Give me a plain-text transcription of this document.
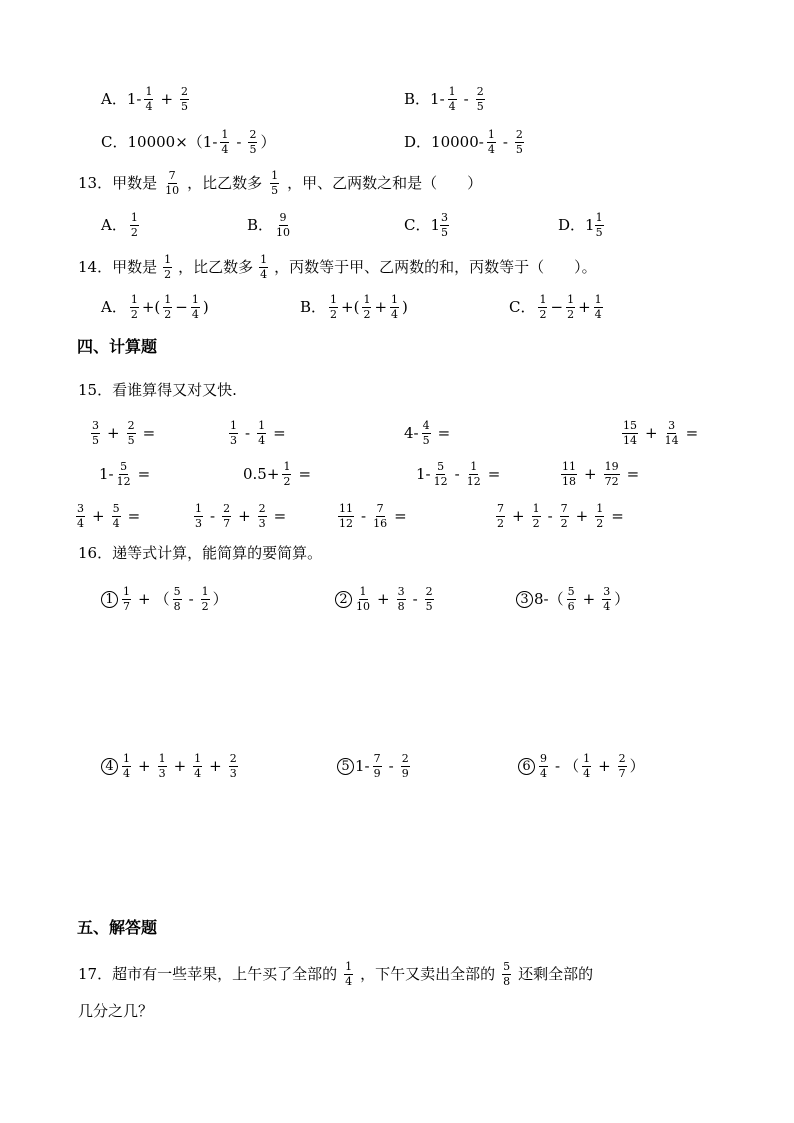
A． $1- \frac{1}{4} + \frac{2}{5}$	B． $1- \frac{1}{4} - \frac{2}{5}$
C． $10000\times(1- \frac{1}{4} - \frac{2}{5}$ ）	D． $10000- \frac{1}{4} - \frac{2}{5}$
13．甲数是 $\frac{7}{10}$ ，比乙数多 $\frac{1}{5}$ ，甲、乙两数之和是（　　）
A． $\frac{1}{2}$	B． $\frac{9}{10}$	C． $1 \frac{3}{5}$	D． $1 \frac{1}{5}$
14．甲数是 $\frac{1}{2}$ ，比乙数多 $\frac{1}{4}$ ，丙数等于甲、乙两数的和，丙数等于（　　）。
A． $\frac{1}{2}$ +( $\frac{1}{2} - \frac{1}{4}$ )	B． $\frac{1}{2}$ +( $\frac{1}{2} + \frac{1}{4}$ )	C． $\frac{1}{2} - \frac{1}{2} + \frac{1}{4}$
四、计算题
15．看谁算得又对又快.
$\frac{3}{5} + \frac{2}{5}$ =	$\frac{1}{3} - \frac{1}{4}$ =	$4- \frac{4}{5}$ =	$\frac{15}{14} + \frac{3}{14}$ =
$1- \frac{5}{12}$ =	$0.5+ \frac{1}{2}$ =	$1- \frac{5}{12} - \frac{1}{12}$ =	$\frac{11}{18} + \frac{19}{72}$ =
$\frac{3}{4} + \frac{5}{4}$ =	$\frac{1}{3} - \frac{2}{7} + \frac{2}{3}$ =	$\frac{11}{12} - \frac{7}{16}$ =	$\frac{7}{2} + \frac{1}{2} - \frac{7}{2} + \frac{1}{2}$ =
16．递等式计算，能简算的要简算。
$1 \frac{1}{7}$ + （ $\frac{5}{8} - \frac{1}{2}$ ）	$2 \frac{1}{10} + \frac{3}{8} - \frac{2}{5}$	3 $8-( \frac{5}{6} + \frac{3}{4}$ ）
$4 \frac{1}{4} + \frac{1}{3} + \frac{1}{4} + \frac{2}{3}$	5 $1- \frac{7}{9} - \frac{2}{9}$	$6 \frac{9}{4}$ - （ $\frac{1}{4} + \frac{2}{7}$ ）
五、解答题
17．超市有一些苹果，上午买了全部的 $\frac{1}{4}$ ，下午又卖出全部的 $\frac{5}{8}$ 还剩全部的
几分之几？
